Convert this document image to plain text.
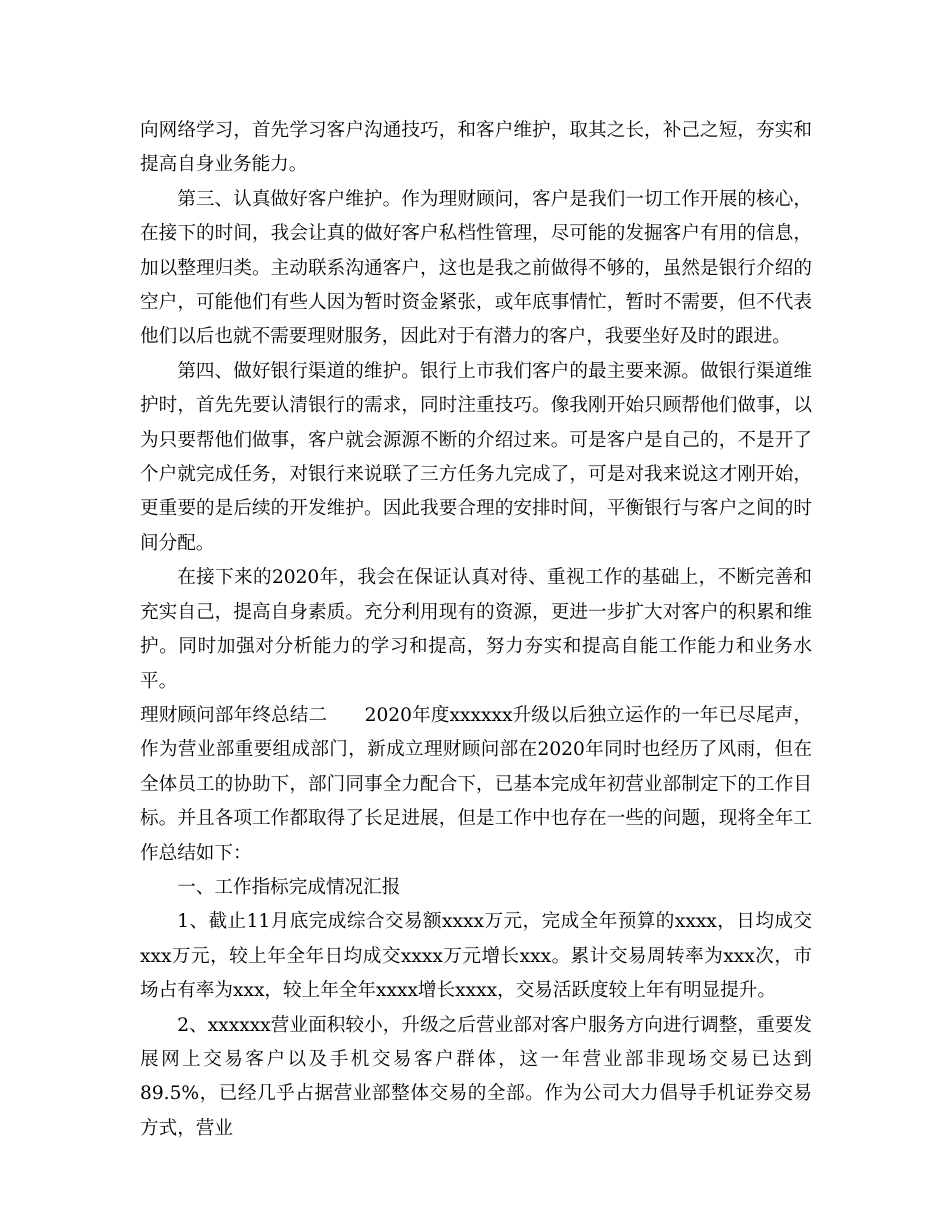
向网络学习，首先学习客户沟通技巧，和客户维护，取其之长，补己之短，夯实和提高自身业务能力。

第三、认真做好客户维护。作为理财顾问，客户是我们一切工作开展的核心，在接下的时间，我会让真的做好客户私档性管理，尽可能的发掘客户有用的信息，加以整理归类。主动联系沟通客户，这也是我之前做得不够的，虽然是银行介绍的空户，可能他们有些人因为暂时资金紧张，或年底事情忙，暂时不需要，但不代表他们以后也就不需要理财服务，因此对于有潜力的客户，我要坐好及时的跟进。

第四、做好银行渠道的维护。银行上市我们客户的最主要来源。做银行渠道维护时，首先先要认清银行的需求，同时注重技巧。像我刚开始只顾帮他们做事，以为只要帮他们做事，客户就会源源不断的介绍过来。可是客户是自己的，不是开了个户就完成任务，对银行来说联了三方任务九完成了，可是对我来说这才刚开始，更重要的是后续的开发维护。因此我要合理的安排时间，平衡银行与客户之间的时间分配。

在接下来的2020年，我会在保证认真对待、重视工作的基础上，不断完善和充实自己，提高自身素质。充分利用现有的资源，更进一步扩大对客户的积累和维护。同时加强对分析能力的学习和提高，努力夯实和提高自能工作能力和业务水平。

理财顾问部年终总结二　　2020年度xxxxxx升级以后独立运作的一年已尽尾声，作为营业部重要组成部门，新成立理财顾问部在2020年同时也经历了风雨，但在全体员工的协助下，部门同事全力配合下，已基本完成年初营业部制定下的工作目标。并且各项工作都取得了长足进展，但是工作中也存在一些的问题，现将全年工作总结如下：

一、工作指标完成情况汇报

1、截止11月底完成综合交易额xxxx万元，完成全年预算的xxxx，日均成交xxx万元，较上年全年日均成交xxxx万元增长xxx。累计交易周转率为xxx次，市场占有率为xxx，较上年全年xxxx增长xxxx，交易活跃度较上年有明显提升。

2、xxxxxx营业面积较小，升级之后营业部对客户服务方向进行调整，重要发展网上交易客户以及手机交易客户群体，这一年营业部非现场交易已达到89.5%，已经几乎占据营业部整体交易的全部。作为公司大力倡导手机证券交易方式，营业
